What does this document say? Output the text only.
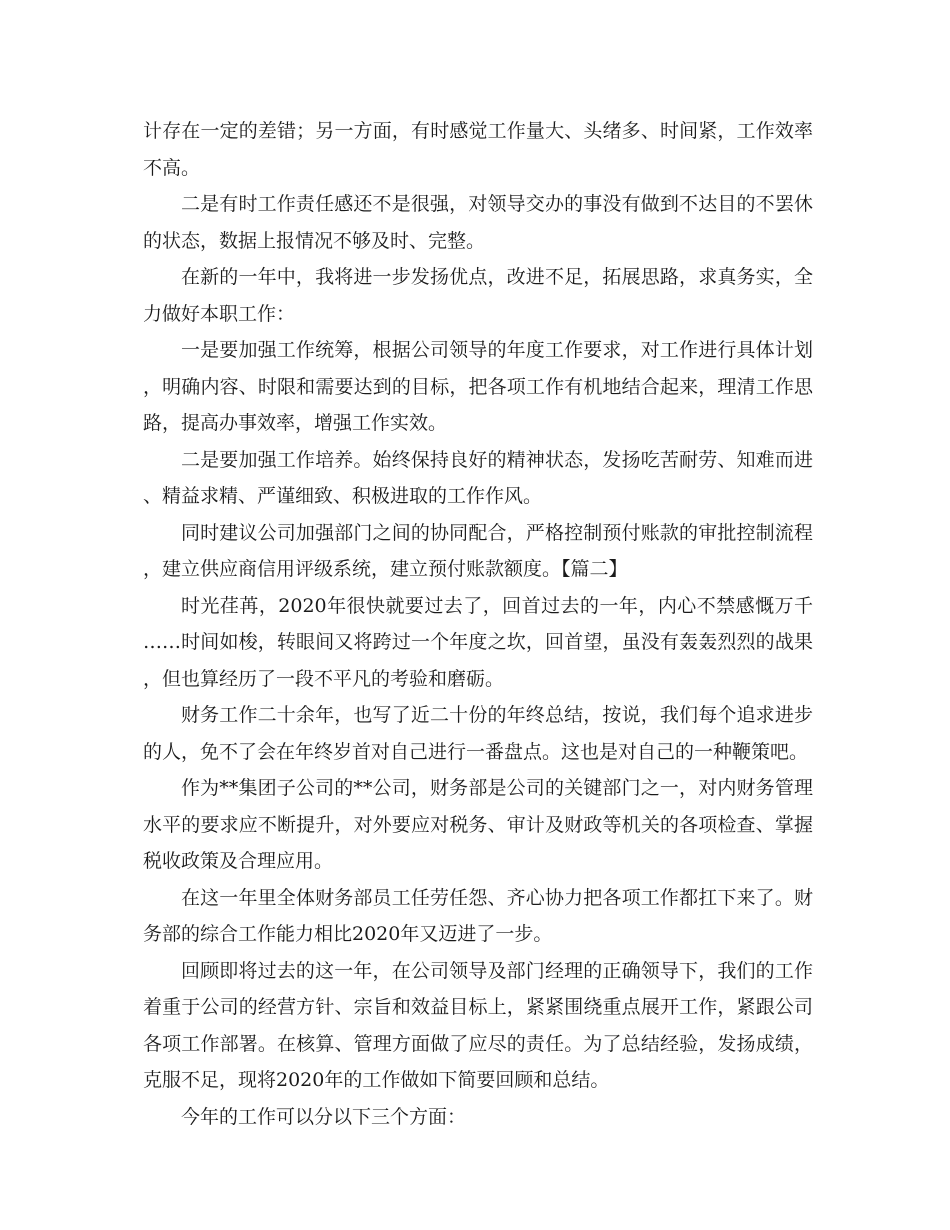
计存在一定的差错；另一方面，有时感觉工作量大、头绪多、时间紧，工作效率不高。

二是有时工作责任感还不是很强，对领导交办的事没有做到不达目的不罢休的状态，数据上报情况不够及时、完整。

在新的一年中，我将进一步发扬优点，改进不足，拓展思路，求真务实，全力做好本职工作：

一是要加强工作统筹，根据公司领导的年度工作要求，对工作进行具体计划，明确内容、时限和需要达到的目标，把各项工作有机地结合起来，理清工作思路，提高办事效率，增强工作实效。

二是要加强工作培养。始终保持良好的精神状态，发扬吃苦耐劳、知难而进、精益求精、严谨细致、积极进取的工作作风。

同时建议公司加强部门之间的协同配合，严格控制预付账款的审批控制流程，建立供应商信用评级系统，建立预付账款额度。【篇二】

时光荏苒，2020年很快就要过去了，回首过去的一年，内心不禁感慨万千……时间如梭，转眼间又将跨过一个年度之坎，回首望，虽没有轰轰烈烈的战果，但也算经历了一段不平凡的考验和磨砺。

财务工作二十余年，也写了近二十份的年终总结，按说，我们每个追求进步的人，免不了会在年终岁首对自己进行一番盘点。这也是对自己的一种鞭策吧。

作为**集团子公司的**公司，财务部是公司的关键部门之一，对内财务管理水平的要求应不断提升，对外要应对税务、审计及财政等机关的各项检查、掌握税收政策及合理应用。

在这一年里全体财务部员工任劳任怨、齐心协力把各项工作都扛下来了。财务部的综合工作能力相比2020年又迈进了一步。

回顾即将过去的这一年，在公司领导及部门经理的正确领导下，我们的工作着重于公司的经营方针、宗旨和效益目标上，紧紧围绕重点展开工作，紧跟公司各项工作部署。在核算、管理方面做了应尽的责任。为了总结经验，发扬成绩，克服不足，现将2020年的工作做如下简要回顾和总结。

今年的工作可以分以下三个方面：
